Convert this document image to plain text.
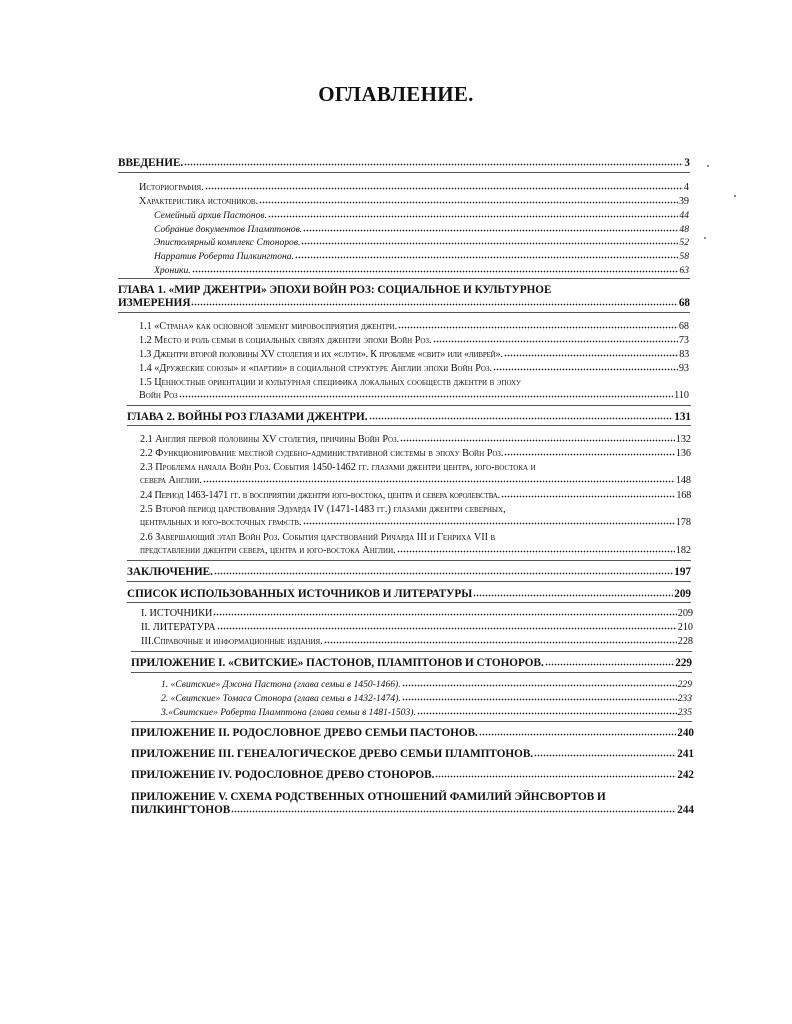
ОГЛАВЛЕНИЕ.
ВВЕДЕНИЕ.	3
Историография.	4
Характеристика источников.	39
Семейный архив Пастонов.	44
Собрание документов Пламптонов.	48
Эпистолярный комплекс Стоноров.	52
Нарратив Роберта Пилкингтона.	58
Хроники.	63
ГЛАВА 1. «МИР ДЖЕНТРИ» ЭПОХИ ВОЙН РОЗ: СОЦИАЛЬНОЕ И КУЛЬТУРНОЕ
ИЗМЕРЕНИЯ	68
1.1 «Страна» как основной элемент мировосприятия джентри.	68
1.2 Место и роль семьи в социальных связях джентри эпохи Войн Роз.	73
1.3 Джентри второй половины XV столетия и их «слуги». К проблеме «свит» или «ливрей».	83
1.4 «Дружеские союзы» и «партии» в социальной структуре Англии эпохи Войн Роз.	93
1.5 Ценностные ориентации и культурная специфика локальных сообществ джентри в эпоху
Войн Роз	110
ГЛАВА 2. ВОЙНЫ РОЗ ГЛАЗАМИ ДЖЕНТРИ.	131
2.1 Англия первой половины XV столетия, причины Войн Роз.	132
2.2 Функционирование местной судебно-административной системы в эпоху Войн Роз.	136
2.3 Проблема начала Войн Роз. События 1450-1462 гг. глазами джентри центра, юго-востока и
севера Англии.	148
2.4 Период 1463-1471 гг. в восприятии джентри юго-востока, центра и севера королевства.	168
2.5 Второй период царствования Эдуарда IV (1471-1483 гг.) глазами джентри северных,
центральных и юго-восточных графств.	178
2.6 Завершающий этап Войн Роз. События царствований Ричарда III и Генриха VII в
представлении джентри севера, центра и юго-востока Англии.	182
ЗАКЛЮЧЕНИЕ.	197
СПИСОК ИСПОЛЬЗОВАННЫХ ИСТОЧНИКОВ И ЛИТЕРАТУРЫ	209
I. ИСТОЧНИКИ	209
II. ЛИТЕРАТУРА	210
III.Справочные и информационные издания.	228
ПРИЛОЖЕНИЕ I. «СВИТСКИЕ» ПАСТОНОВ, ПЛАМПТОНОВ И СТОНОРОВ.	229
1. «Свитские» Джона Пастона (глава семьи в 1450-1466).	229
2. «Свитские» Томаса Стонора (глава семьи в 1432-1474).	233
3.«Свитские» Роберта Пламптона (глава семьи в 1481-1503).	235
ПРИЛОЖЕНИЕ II. РОДОСЛОВНОЕ ДРЕВО СЕМЬИ ПАСТОНОВ.	240
ПРИЛОЖЕНИЕ III. ГЕНЕАЛОГИЧЕСКОЕ ДРЕВО СЕМЬИ ПЛАМПТОНОВ.	241
ПРИЛОЖЕНИЕ IV. РОДОСЛОВНОЕ ДРЕВО СТОНОРОВ.	242
ПРИЛОЖЕНИЕ V. СХЕМА РОДСТВЕННЫХ ОТНОШЕНИЙ ФАМИЛИЙ ЭЙНСВОРТОВ И
ПИЛКИНГТОНОВ	244
